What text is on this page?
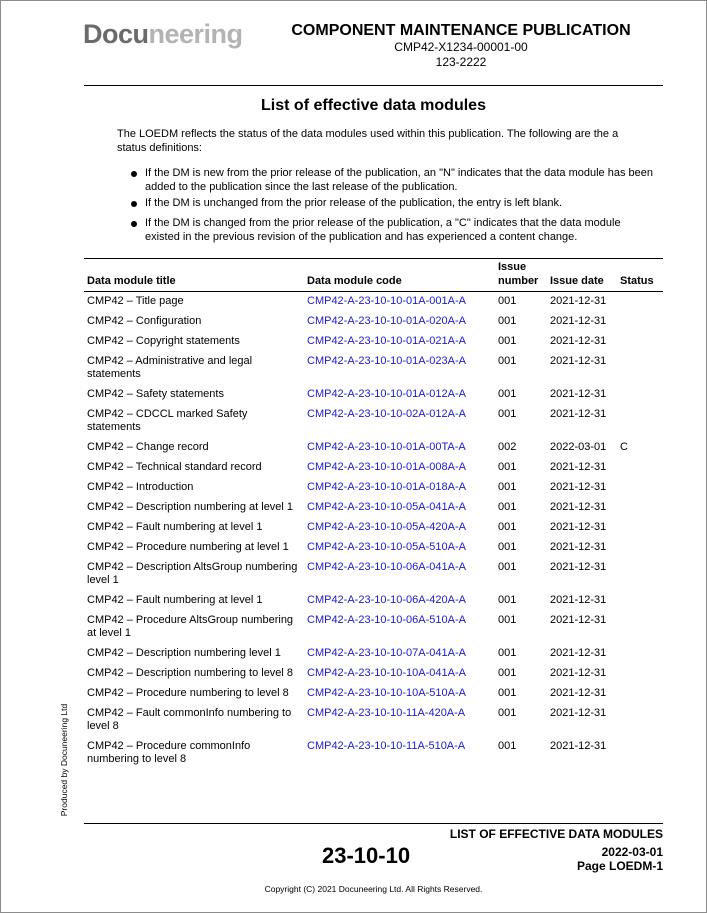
Docuneering	COMPONENT MAINTENANCE PUBLICATION
CMP42-X1234-00001-00
123-2222
List of effective data modules
The LOEDM reflects the status of the data modules used within this publication. The following are the a status definitions:
If the DM is new from the prior release of the publication, an "N" indicates that the data module has been added to the publication since the last release of the publication.
If the DM is unchanged from the prior release of the publication, the entry is left blank.
If the DM is changed from the prior release of the publication, a "C" indicates that the data module existed in the previous revision of the publication and has experienced a content change.
Data module title	Data module code	Issue number	Issue date	Status
CMP42 – Title page	CMP42-A-23-10-10-01A-001A-A	001	2021-12-31	
CMP42 – Configuration	CMP42-A-23-10-10-01A-020A-A	001	2021-12-31	
CMP42 – Copyright statements	CMP42-A-23-10-10-01A-021A-A	001	2021-12-31	
CMP42 – Administrative and legal statements	CMP42-A-23-10-10-01A-023A-A	001	2021-12-31	
CMP42 – Safety statements	CMP42-A-23-10-10-01A-012A-A	001	2021-12-31	
CMP42 – CDCCL marked Safety statements	CMP42-A-23-10-10-02A-012A-A	001	2021-12-31	
CMP42 – Change record	CMP42-A-23-10-10-01A-00TA-A	002	2022-03-01	C
CMP42 – Technical standard record	CMP42-A-23-10-10-01A-008A-A	001	2021-12-31	
CMP42 – Introduction	CMP42-A-23-10-10-01A-018A-A	001	2021-12-31	
CMP42 – Description numbering at level 1	CMP42-A-23-10-10-05A-041A-A	001	2021-12-31	
CMP42 – Fault numbering at level 1	CMP42-A-23-10-10-05A-420A-A	001	2021-12-31	
CMP42 – Procedure numbering at level 1	CMP42-A-23-10-10-05A-510A-A	001	2021-12-31	
CMP42 – Description AltsGroup numbering level 1	CMP42-A-23-10-10-06A-041A-A	001	2021-12-31	
CMP42 – Fault numbering at level 1	CMP42-A-23-10-10-06A-420A-A	001	2021-12-31	
CMP42 – Procedure AltsGroup numbering at level 1	CMP42-A-23-10-10-06A-510A-A	001	2021-12-31	
CMP42 – Description numbering level 1	CMP42-A-23-10-10-07A-041A-A	001	2021-12-31	
CMP42 – Description numbering to level 8	CMP42-A-23-10-10-10A-041A-A	001	2021-12-31	
CMP42 – Procedure numbering to level 8	CMP42-A-23-10-10-10A-510A-A	001	2021-12-31	
CMP42 – Fault commonInfo numbering to level 8	CMP42-A-23-10-10-11A-420A-A	001	2021-12-31	
CMP42 – Procedure commonInfo numbering to level 8	CMP42-A-23-10-10-11A-510A-A	001	2021-12-31	
Produced by Docuneering Ltd
LIST OF EFFECTIVE DATA MODULES
2022-03-01
Page LOEDM-1
23-10-10
Copyright (C) 2021 Docuneering Ltd. All Rights Reserved.
